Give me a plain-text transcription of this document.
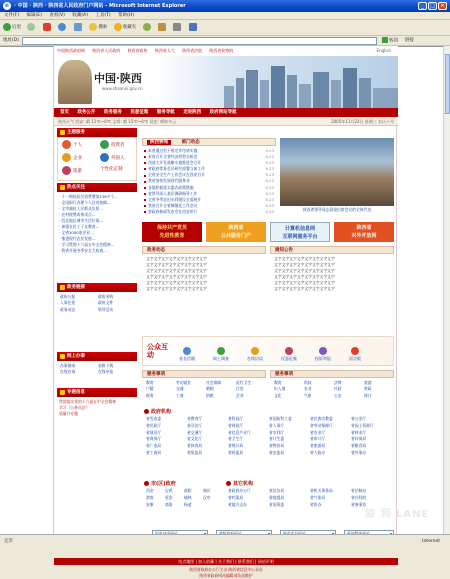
e	· 中国 · 陕西 · 陕西省人民政府门户网站 - Microsoft Internet Explorer	_	□	×
文件(F) 编辑(E) 查看(V) 收藏(A) 工具(T) 帮助(H)
后退	搜索	收藏夹
地址(D)	转到 链接
中国陕西政府网 陕西省人民政府 陕西省政协 陕西省人大 陕西省法院 陕西省检察院	English
中国·陕西
www.shaanxi.gov.cn
首页 政务公开 政务服务 民意征集 服务导航 走进陕西 政府网站导航
陕西天气 西安: 晴 11℃~0℃ 宝鸡: 晴 15℃~0℃ 延安: 晴转多云	2005年11月23日 星期三 农历十月
主题服务
个人	投资者
企业	外国人
旅游	个性化定制
热点关注
· 十一期间居民消费增加136多个...
· 全国银行办理个人住房按揭...
· 全市减轻人民群众负担...
· 农村税费改革试点...
· 西北地区城市生活垃圾...
· 加强农民工子女教育...
· 全省1000家企业...
· 推进现代农业发展...
· 学习贯彻十六届五中全会精神...
· 我省开展冬季安全大检查...
政务链接
政府公报	政府采购
人事任免	政府文件
政务动态	领导活动
网上办事
办事指南	表格下载
在线咨询	在线申报
专题信息
贯彻落实党的十六届五中全会精神
学习《公务员法》
质量月专题
陕西要闻	部门动态
本省通过若干规定并付诸实施	9-23
本省召开全省经济形势分析会	9-23
西部大开发战略实施推进会召开	9-23
省政府常务会议研究部署当前工作	9-23
全省安全生产工作会议在西安召开	9-23
我省加快发展现代服务业	9-23
各地积极落实惠农政策措施	9-23
省领导深入基层调研指导工作	9-23
全省冬季农田水利建设全面展开	9-23
我省召开全省城镇化工作会议	9-23
省政府新闻发布会在西安举行	9-23	陕西省领导同志看望出席会议的全体代表
保持共产党员
先进性教育
陕西省
公共服务门户
计算机信息网
互联网服务平台
陕西省
对外开放网
政务动态
文字文字文字文字文字文字文字文字
文字文字文字文字文字文字文字文字
文字文字文字文字文字文字文字文字
文字文字文字文字文字文字文字文字
文字文字文字文字文字文字文字文字
文字文字文字文字文字文字文字文字
通知公告
文字文字文字文字文字文字文字文字
文字文字文字文字文字文字文字文字
文字文字文字文字文字文字文字文字
文字文字文字文字文字文字文字文字
文字文字文字文字文字文字文字文字
文字文字文字文字文字文字文字文字
公众互动	省长信箱	网上调查	在线访谈	民意征集	投诉举报	留言板
服务事项
教育	劳动就业	社会保障	医疗卫生
户籍	交通	婚姻	住房
税务	工商	纳税	企业
服务事项
教育	科技	法律	旅游
出入境	农业	民政	财政
文化	气象	公安	统计
政府机构
省发改委	省教育厅	省科技厅	省国防科工委	省民族宗教委	省公安厅
省民政厅	省司法厅	省财政厅	省人事厅	省劳动保障厅	省国土资源厅
省建设厅	省交通厅	省信息产业厅	省水利厅	省农业厅	省林业厅
省商务厅	省文化厅	省卫生厅	省计生委	省审计厅	省环保局
省广电局	省体育局	省统计局	省物价局	省旅游局	省粮食局
省工商局	省质监局	省药监局	省安监局	省人防办	省外事办
市(区)政府
西安	宝鸡	咸阳	铜川
渭南	延安	榆林	汉中
安康	商洛	杨凌
其它机构
省政府办公厅	省信访局	省机关事务局	省法制办
省档案局	省地震局	省气象局	省社科院
省地方志办	省国资委	省侨办	省参事室
▾
▾
▾
▾
站点地图 | 加入收藏 | 关于我们 | 联系我们 | 网站声明
陕西省政府办公厅主办 陕西省信息中心承办
陕西省政府网站编辑部负责维护
溢 利 LANE
完毕	Internet
